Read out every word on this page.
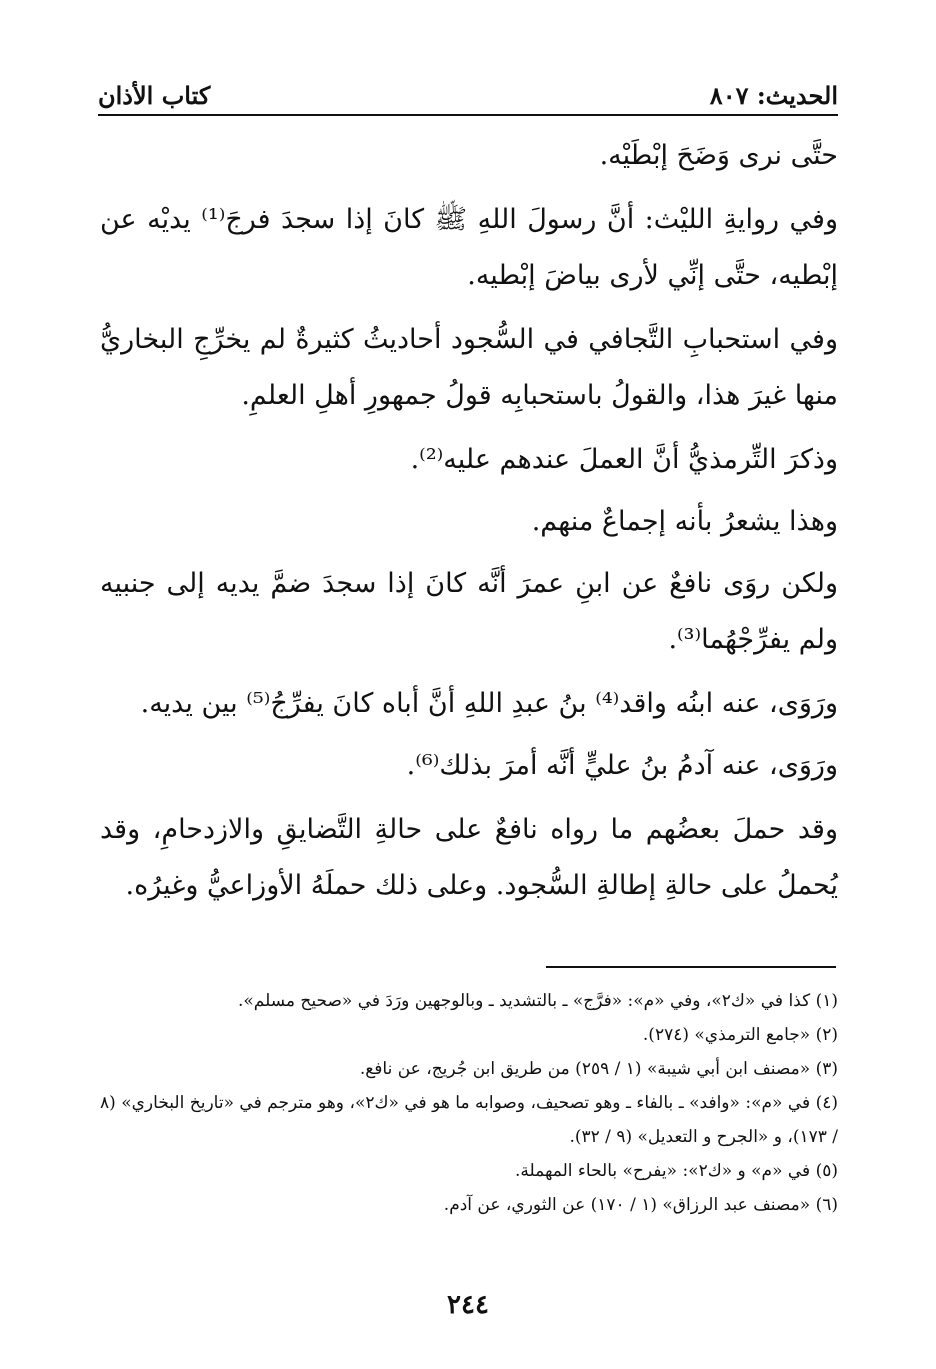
الحديث: ٨٠٧
كتاب الأذان

حتَّى نرى وَضَحَ إبْطَيْه.

وفي روايةِ الليْث: أنَّ رسولَ اللهِ ﷺ كانَ إذا سجدَ فرجَ⁽¹⁾ يديْه عن إبْطيه، حتَّى إنِّي لأرى بياضَ إبْطيه.

وفي استحبابِ التَّجافي في السُّجود أحاديثُ كثيرةٌ لم يخرِّجِ البخاريُّ منها غيرَ هذا، والقولُ باستحبابِه قولُ جمهورِ أهلِ العلمِ.

وذكرَ التِّرمذيُّ أنَّ العملَ عندهم عليه⁽²⁾.

وهذا يشعرُ بأنه إجماعٌ منهم.

ولكن روَى نافعٌ عن ابنِ عمرَ أنَّه كانَ إذا سجدَ ضمَّ يديه إلى جنبيه ولم يفرِّجْهُما⁽³⁾.

ورَوَى، عنه ابنُه واقد⁽⁴⁾ بنُ عبدِ اللهِ أنَّ أباه كانَ يفرِّجُ⁽⁵⁾ بين يديه.

ورَوَى، عنه آدمُ بنُ عليٍّ أنَّه أمرَ بذلك⁽⁶⁾.

وقد حملَ بعضُهم ما رواه نافعٌ على حالةِ التَّضايقِ والازدحامِ، وقد يُحملُ على حالةِ إطالةِ السُّجود. وعلى ذلك حملَهُ الأوزاعيُّ وغيرُه.

(١) كذا في «ك٢»، وفي «م»: «فرَّج» ـ بالتشديد ـ وبالوجهين ورَدَ في «صحيح مسلم».

(٢) «جامع الترمذي» (٢٧٤).

(٣) «مصنف ابن أبي شيبة» (١ / ٢٥٩) من طريق ابن جُريج، عن نافع.

(٤) في «م»: «وافد» ـ بالفاء ـ وهو تصحيف، وصوابه ما هو في «ك٢»، وهو مترجم في «تاريخ البخاري» (٨ / ١٧٣)، و «الجرح و التعديل» (٩ / ٣٢).

(٥) في «م» و «ك٢»: «يفرح» بالحاء المهملة.

(٦) «مصنف عبد الرزاق» (١ / ١٧٠) عن الثوري، عن آدم.

٢٤٤
